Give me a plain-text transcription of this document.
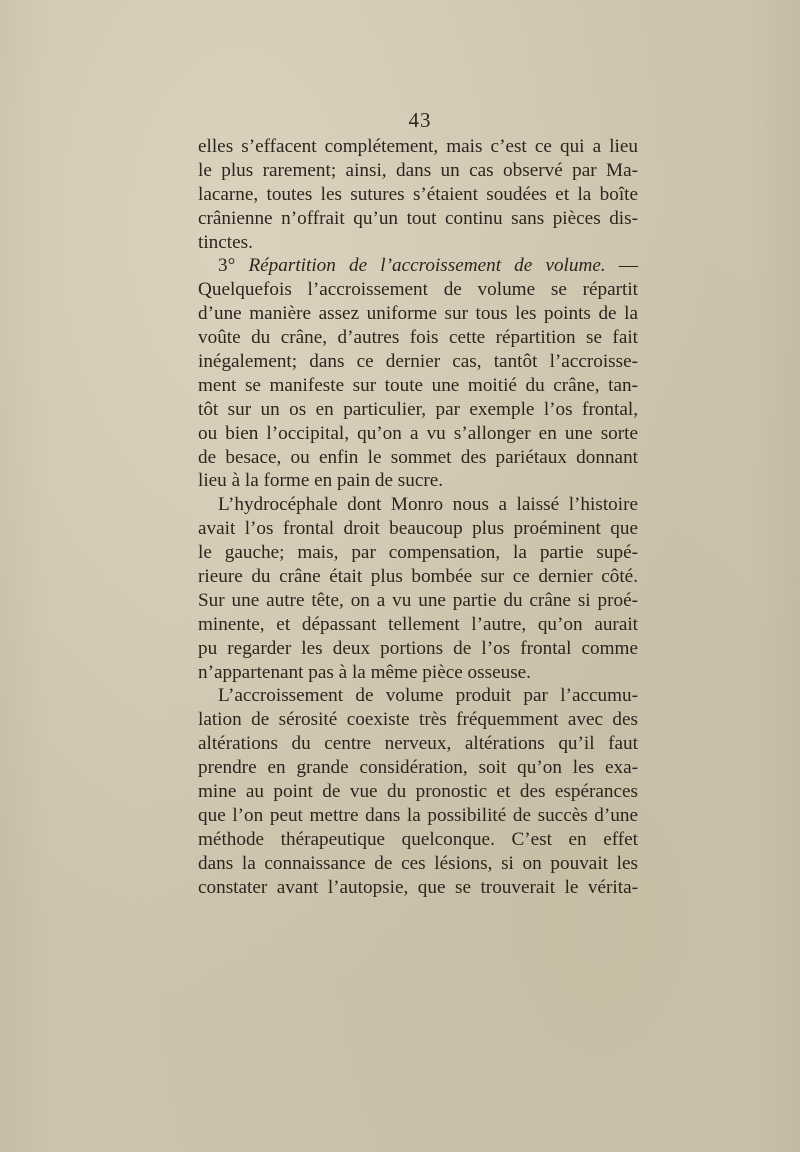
43
elles s’effacent complétement, mais c’est ce qui a lieu
le plus rarement; ainsi, dans un cas observé par Ma-
lacarne, toutes les sutures s’étaient soudées et la boîte
crânienne n’offrait qu’un tout continu sans pièces dis-
tinctes.
3° Répartition de l’accroissement de volume. —
Quelquefois l’accroissement de volume se répartit
d’une manière assez uniforme sur tous les points de la
voûte du crâne, d’autres fois cette répartition se fait
inégalement; dans ce dernier cas, tantôt l’accroisse-
ment se manifeste sur toute une moitié du crâne, tan-
tôt sur un os en particulier, par exemple l’os frontal,
ou bien l’occipital, qu’on a vu s’allonger en une sorte
de besace, ou enfin le sommet des pariétaux donnant
lieu à la forme en pain de sucre.
L’hydrocéphale dont Monro nous a laissé l’histoire
avait l’os frontal droit beaucoup plus proéminent que
le gauche; mais, par compensation, la partie supé-
rieure du crâne était plus bombée sur ce dernier côté.
Sur une autre tête, on a vu une partie du crâne si proé-
minente, et dépassant tellement l’autre, qu’on aurait
pu regarder les deux portions de l’os frontal comme
n’appartenant pas à la même pièce osseuse.
L’accroissement de volume produit par l’accumu-
lation de sérosité coexiste très fréquemment avec des
altérations du centre nerveux, altérations qu’il faut
prendre en grande considération, soit qu’on les exa-
mine au point de vue du pronostic et des espérances
que l’on peut mettre dans la possibilité de succès d’une
méthode thérapeutique quelconque. C’est en effet
dans la connaissance de ces lésions, si on pouvait les
constater avant l’autopsie, que se trouverait le vérita-
